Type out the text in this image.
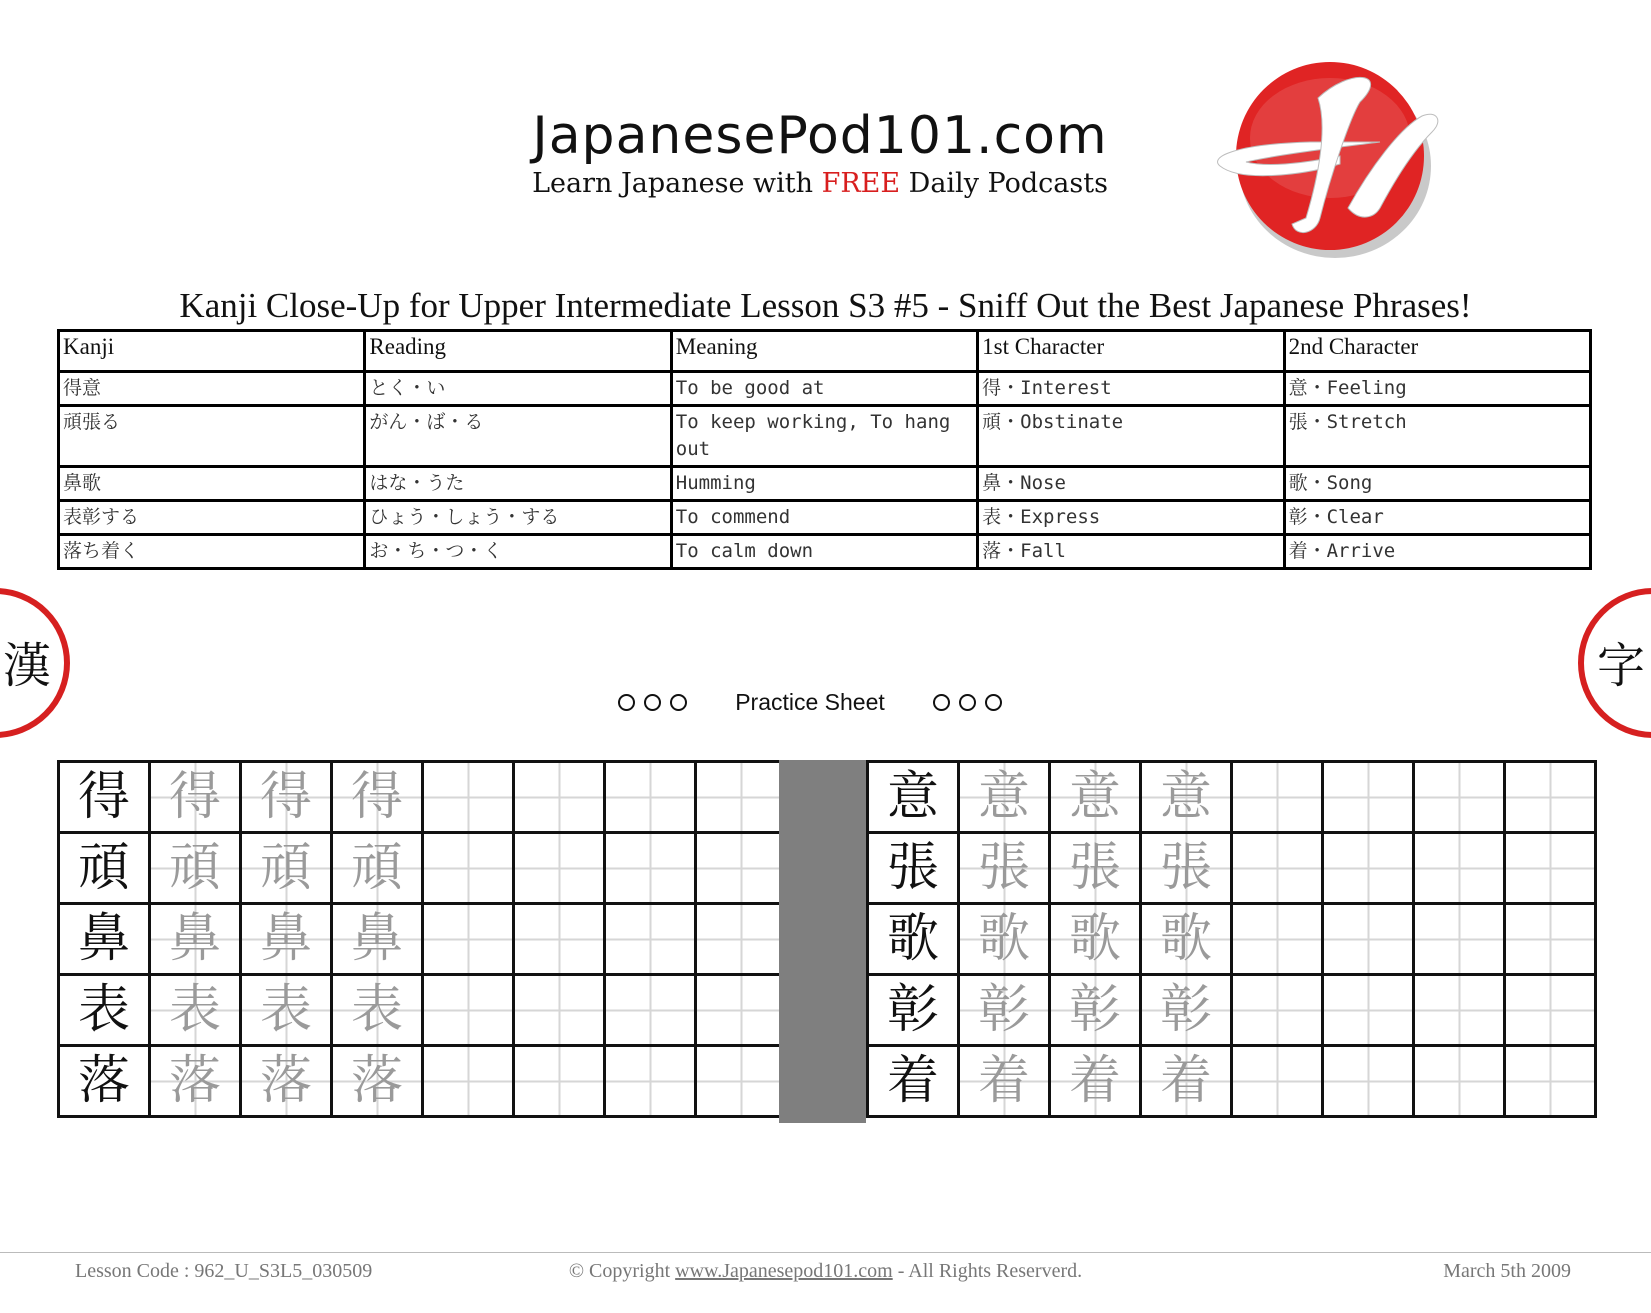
JapanesePod101.com
Learn Japanese with FREE Daily Podcasts
Kanji Close-Up for Upper Intermediate Lesson S3 #5 - Sniff Out the Best Japanese Phrases!
Kanji	Reading	Meaning	1st Character	2nd Character
得意	とく・い	To be good at	得・Interest	意・Feeling
頑張る	がん・ば・る	To keep working, To hang out	頑・Obstinate	張・Stretch
鼻歌	はな・うた	Humming	鼻・Nose	歌・Song
表彰する	ひょう・しょう・する	To commend	表・Express	彰・Clear
落ち着く	お・ち・つ・く	To calm down	落・Fall	着・Arrive
漢	字
Practice Sheet
得	得	得	得				
頑	頑	頑	頑				
鼻	鼻	鼻	鼻				
表	表	表	表				
落	落	落	落				
意	意	意	意				
張	張	張	張				
歌	歌	歌	歌				
彰	彰	彰	彰				
着	着	着	着				
Lesson Code : 962_U_S3L5_030509	© Copyright www.Japanesepod101.com - All Rights Reserverd.	March 5th 2009
